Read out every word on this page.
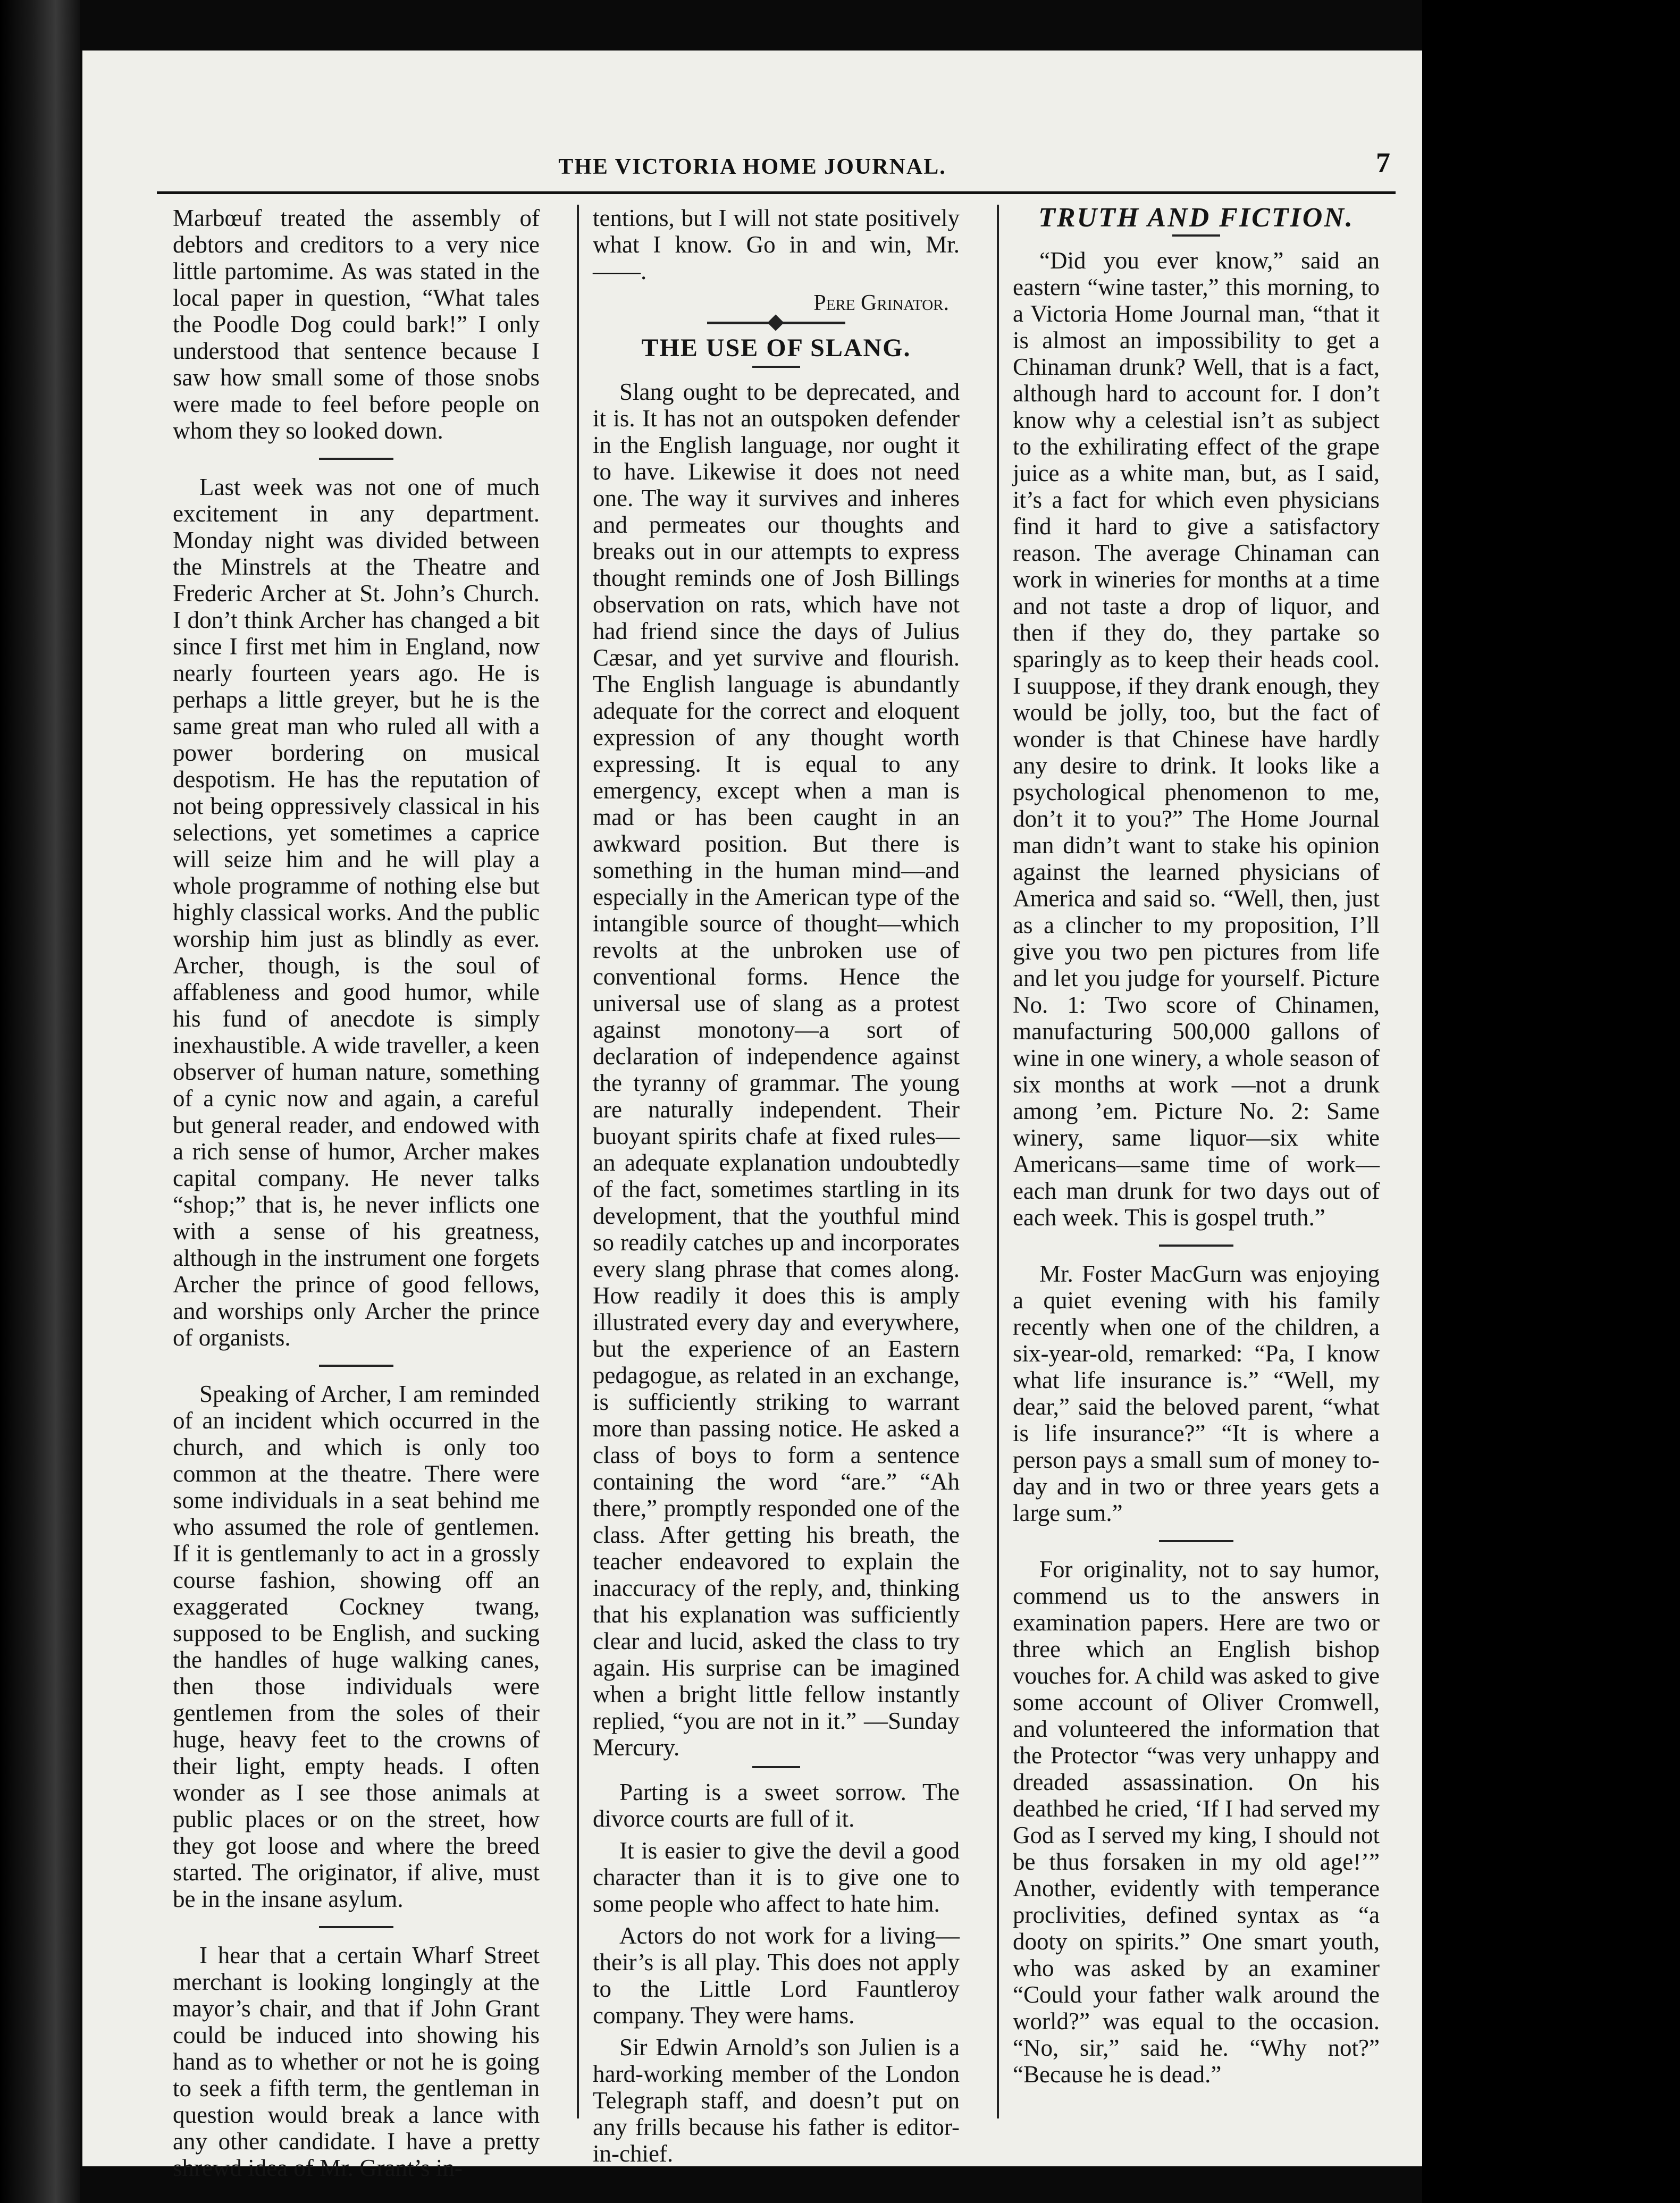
THE VICTORIA HOME JOURNAL.	7

Marbœuf treated the assembly of debtors and creditors to a very nice little partomime. As was stated in the local paper in question, “What tales the Poodle Dog could bark!” I only understood that sentence because I saw how small some of those snobs were made to feel before people on whom they so looked down.

Last week was not one of much excitement in any department. Monday night was divided between the Minstrels at the Theatre and Frederic Archer at St. John’s Church. I don’t think Archer has changed a bit since I first met him in England, now nearly fourteen years ago. He is perhaps a little greyer, but he is the same great man who ruled all with a power bordering on musical despotism. He has the reputation of not being oppressively classical in his selections, yet sometimes a caprice will seize him and he will play a whole programme of nothing else but highly classical works. And the public worship him just as blindly as ever. Archer, though, is the soul of affableness and good humor, while his fund of anecdote is simply inexhaustible. A wide traveller, a keen observer of human nature, something of a cynic now and again, a careful but general reader, and endowed with a rich sense of humor, Archer makes capital company. He never talks “shop;” that is, he never inflicts one with a sense of his greatness, although in the instrument one forgets Archer the prince of good fellows, and worships only Archer the prince of organists.

Speaking of Archer, I am reminded of an incident which occurred in the church, and which is only too common at the theatre. There were some individuals in a seat behind me who assumed the role of gentlemen. If it is gentlemanly to act in a grossly course fashion, showing off an exaggerated Cockney twang, supposed to be English, and sucking the handles of huge walking canes, then those individuals were gentlemen from the soles of their huge, heavy feet to the crowns of their light, empty heads. I often wonder as I see those animals at public places or on the street, how they got loose and where the breed started. The originator, if alive, must be in the insane asylum.

I hear that a certain Wharf Street merchant is looking longingly at the mayor’s chair, and that if John Grant could be induced into showing his hand as to whether or not he is going to seek a fifth term, the gentleman in question would break a lance with any other candidate. I have a pretty shrewd idea of Mr. Grant’s in-

tentions, but I will not state positively what I know. Go in and win, Mr. ——.

Pere Grinator.
THE USE OF SLANG.

Slang ought to be deprecated, and it is. It has not an outspoken defender in the English language, nor ought it to have. Likewise it does not need one. The way it survives and inheres and permeates our thoughts and breaks out in our attempts to express thought reminds one of Josh Billings observation on rats, which have not had friend since the days of Julius Cæsar, and yet survive and flourish. The English language is abundantly adequate for the correct and eloquent expression of any thought worth expressing. It is equal to any emergency, except when a man is mad or has been caught in an awkward position. But there is something in the human mind—and especially in the American type of the intangible source of thought—which revolts at the unbroken use of conventional forms. Hence the universal use of slang as a protest against monotony—a sort of declaration of independence against the tyranny of grammar. The young are naturally independent. Their buoyant spirits chafe at fixed rules—an adequate explanation undoubtedly of the fact, sometimes startling in its development, that the youthful mind so readily catches up and incorporates every slang phrase that comes along. How readily it does this is amply illustrated every day and everywhere, but the experience of an Eastern pedagogue, as related in an exchange, is sufficiently striking to warrant more than passing notice. He asked a class of boys to form a sentence containing the word “are.” “Ah there,” promptly responded one of the class. After getting his breath, the teacher endeavored to explain the inaccuracy of the reply, and, thinking that his explanation was sufficiently clear and lucid, asked the class to try again. His surprise can be imagined when a bright little fellow instantly replied, “you are not in it.” —Sunday Mercury.

Parting is a sweet sorrow. The divorce courts are full of it.

It is easier to give the devil a good character than it is to give one to some people who affect to hate him.

Actors do not work for a living—their’s is all play. This does not apply to the Little Lord Fauntleroy company. They were hams.

Sir Edwin Arnold’s son Julien is a hard-working member of the London Telegraph staff, and doesn’t put on any frills because his father is editor-in-chief.

TRUTH AND FICTION.

“Did you ever know,” said an eastern “wine taster,” this morning, to a Victoria Home Journal man, “that it is almost an impossibility to get a Chinaman drunk? Well, that is a fact, although hard to account for. I don’t know why a celestial isn’t as subject to the exhilirating effect of the grape juice as a white man, but, as I said, it’s a fact for which even physicians find it hard to give a satisfactory reason. The average Chinaman can work in wineries for months at a time and not taste a drop of liquor, and then if they do, they partake so sparingly as to keep their heads cool. I suuppose, if they drank enough, they would be jolly, too, but the fact of wonder is that Chinese have hardly any desire to drink. It looks like a psychological phenomenon to me, don’t it to you?” The Home Journal man didn’t want to stake his opinion against the learned physicians of America and said so. “Well, then, just as a clincher to my proposition, I’ll give you two pen pictures from life and let you judge for yourself. Picture No. 1: Two score of Chinamen, manufacturing 500,000 gallons of wine in one winery, a whole season of six months at work —not a drunk among ’em. Picture No. 2: Same winery, same liquor—six white Americans—same time of work—each man drunk for two days out of each week. This is gospel truth.”

Mr. Foster MacGurn was enjoying a quiet evening with his family recently when one of the children, a six-year-old, remarked: “Pa, I know what life insurance is.” “Well, my dear,” said the beloved parent, “what is life insurance?” “It is where a person pays a small sum of money to-day and in two or three years gets a large sum.”

For originality, not to say humor, commend us to the answers in examination papers. Here are two or three which an English bishop vouches for. A child was asked to give some account of Oliver Cromwell, and volunteered the information that the Protector “was very unhappy and dreaded assassination. On his deathbed he cried, ‘If I had served my God as I served my king, I should not be thus forsaken in my old age!’” Another, evidently with temperance proclivities, defined syntax as “a dooty on spirits.” One smart youth, who was asked by an examiner “Could your father walk around the world?” was equal to the occasion. “No, sir,” said he. “Why not?” “Because he is dead.”
